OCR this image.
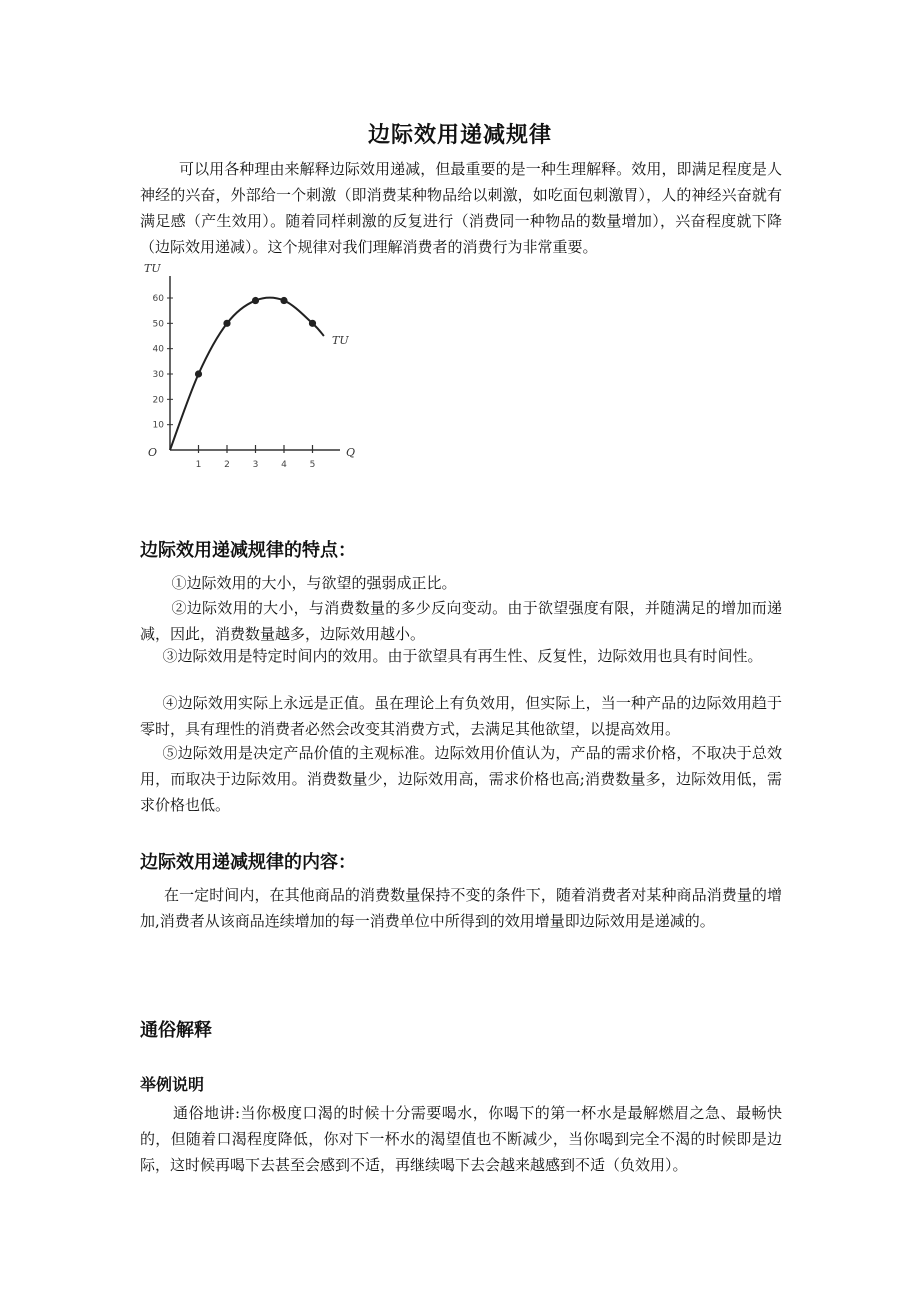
边际效用递减规律

可以用各种理由来解释边际效用递减，但最重要的是一种生理解释。效用，即满足程度是人神经的兴奋，外部给一个刺激（即消费某种物品给以刺激，如吃面包刺激胃），人的神经兴奋就有满足感（产生效用）。随着同样刺激的反复进行（消费同一种物品的数量增加），兴奋程度就下降（边际效用递减）。这个规律对我们理解消费者的消费行为非常重要。

TU
O	Q
TU
10
20
30
40
50
60
1	2	3	4	5
边际效用递减规律的特点：

①边际效用的大小，与欲望的强弱成正比。

②边际效用的大小，与消费数量的多少反向变动。由于欲望强度有限，并随满足的增加而递减，因此，消费数量越多，边际效用越小。

③边际效用是特定时间内的效用。由于欲望具有再生性、反复性，边际效用也具有时间性。

④边际效用实际上永远是正值。虽在理论上有负效用，但实际上，当一种产品的边际效用趋于零时，具有理性的消费者必然会改变其消费方式，去满足其他欲望，以提高效用。

⑤边际效用是决定产品价值的主观标准。边际效用价值认为，产品的需求价格，不取决于总效用，而取决于边际效用。消费数量少，边际效用高，需求价格也高;消费数量多，边际效用低，需求价格也低。

边际效用递减规律的内容：

在一定时间内，在其他商品的消费数量保持不变的条件下，随着消费者对某种商品消费量的增加,消费者从该商品连续增加的每一消费单位中所得到的效用增量即边际效用是递减的。

通俗解释
举例说明

通俗地讲:当你极度口渴的时候十分需要喝水，你喝下的第一杯水是最解燃眉之急、最畅快的，但随着口渴程度降低，你对下一杯水的渴望值也不断减少，当你喝到完全不渴的时候即是边际，这时候再喝下去甚至会感到不适，再继续喝下去会越来越感到不适（负效用）。
